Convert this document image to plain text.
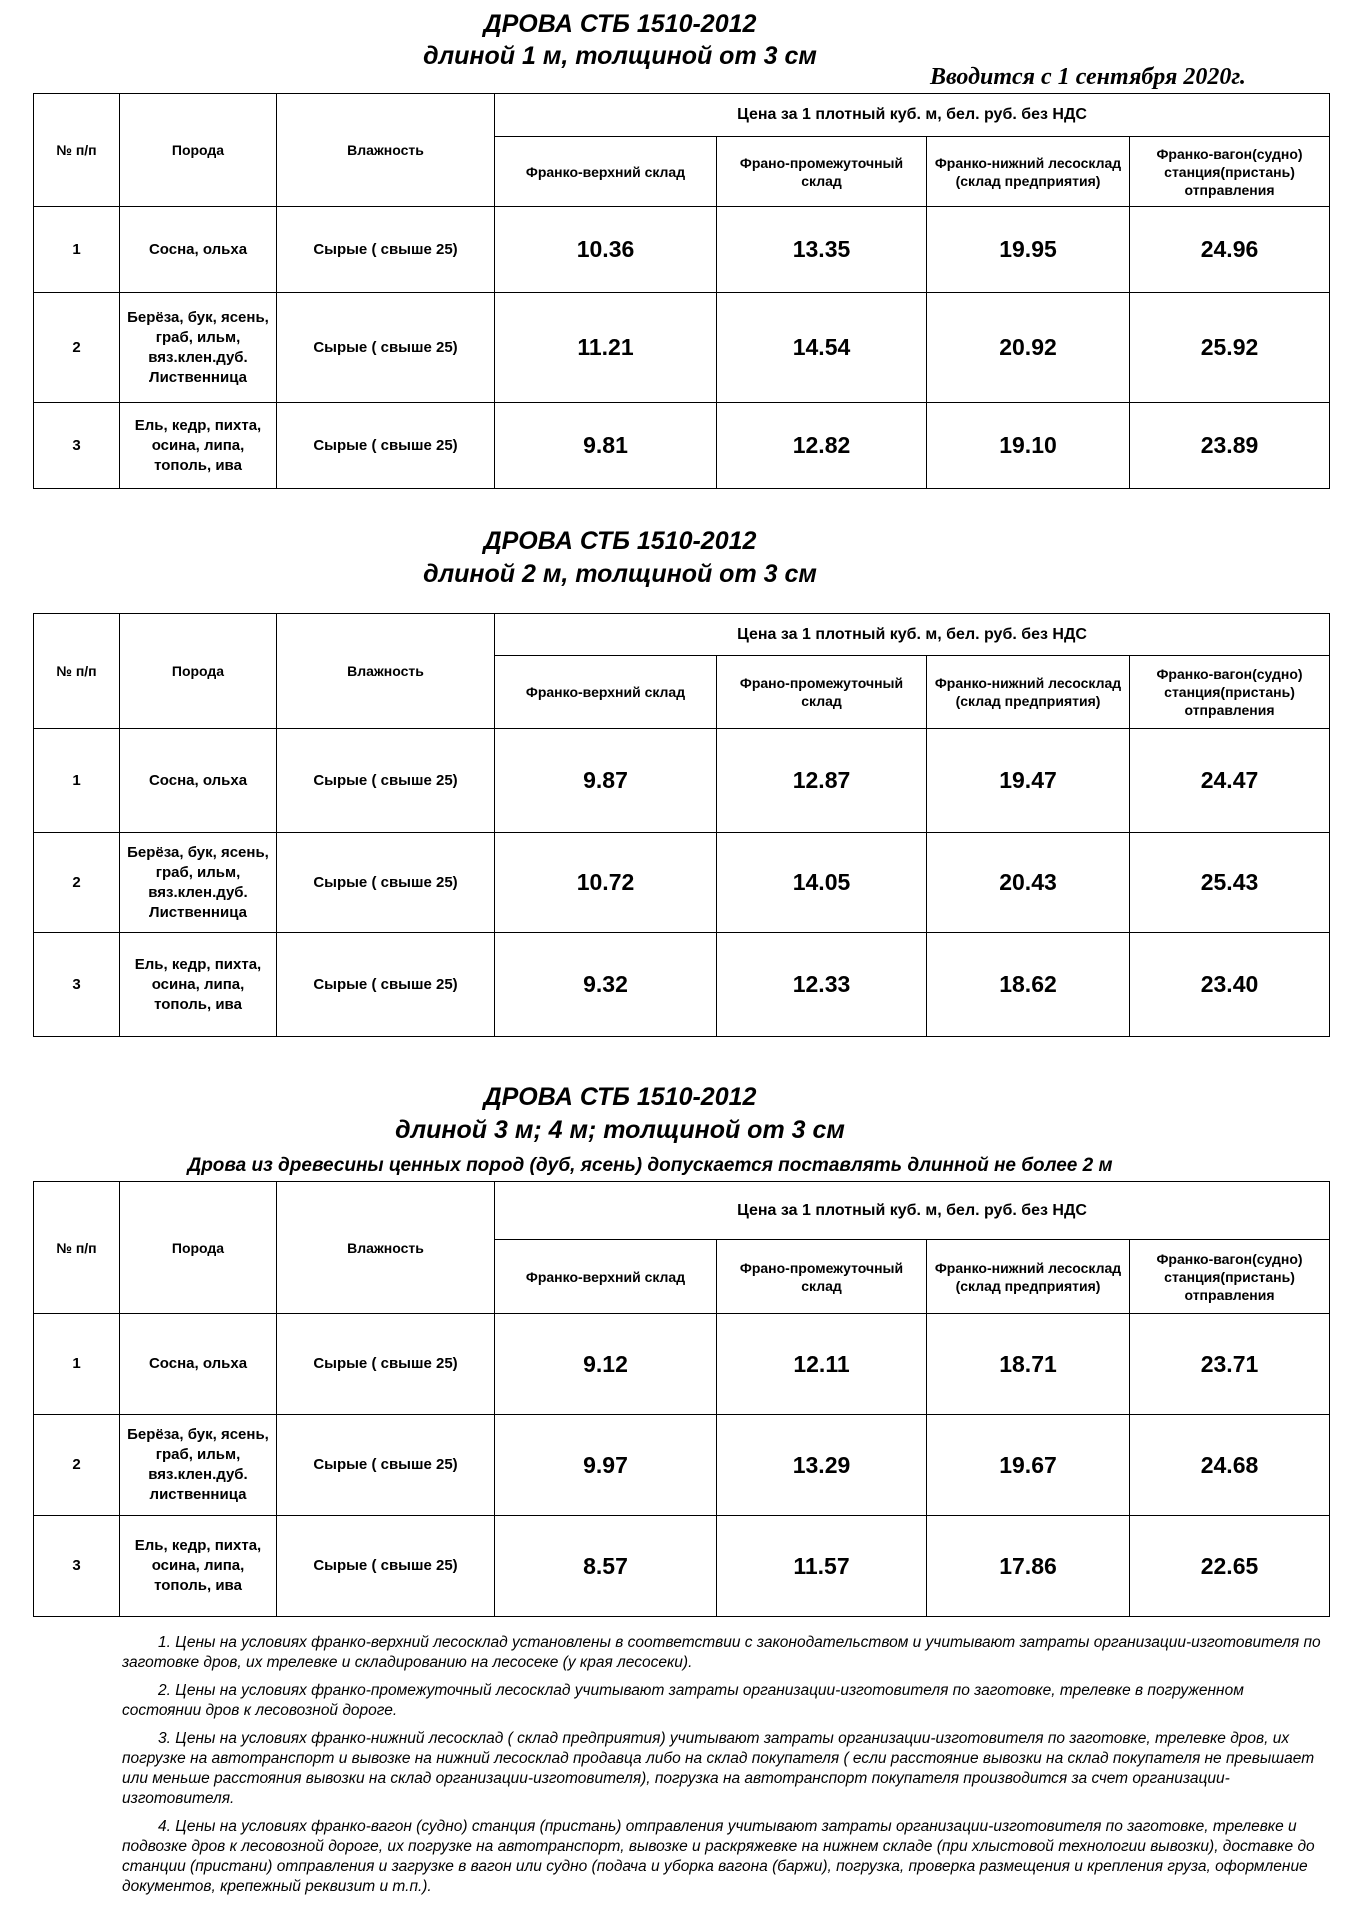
ДРОВА СТБ 1510-2012
длиной 1 м, толщиной от 3 см
Вводится с 1 сентября 2020г.
№ п/п	Порода	Влажность	Цена за 1 плотный куб. м, бел. руб. без НДС			
			Франко-верхний склад	Франо-промежуточный склад	Франко-нижний лесосклад (склад предприятия)	Франко-вагон(судно) станция(пристань) отправления
1	Сосна, ольха	Сырые ( свыше 25)	10.36	13.35	19.95	24.96
2	Берёза, бук, ясень, граб, ильм, вяз.клен.дуб. Лиственница	Сырые ( свыше 25)	11.21	14.54	20.92	25.92
3	Ель, кедр, пихта, осина, липа, тополь, ива	Сырые ( свыше 25)	9.81	12.82	19.10	23.89
ДРОВА СТБ 1510-2012
длиной 2 м, толщиной от 3 см
№ п/п	Порода	Влажность	Цена за 1 плотный куб. м, бел. руб. без НДС			
			Франко-верхний склад	Франо-промежуточный склад	Франко-нижний лесосклад (склад предприятия)	Франко-вагон(судно) станция(пристань) отправления
1	Сосна, ольха	Сырые ( свыше 25)	9.87	12.87	19.47	24.47
2	Берёза, бук, ясень, граб, ильм, вяз.клен.дуб. Лиственница	Сырые ( свыше 25)	10.72	14.05	20.43	25.43
3	Ель, кедр, пихта, осина, липа, тополь, ива	Сырые ( свыше 25)	9.32	12.33	18.62	23.40
ДРОВА СТБ 1510-2012
длиной 3 м; 4 м; толщиной от 3 см
Дрова из древесины ценных пород (дуб, ясень) допускается поставлять длинной не более 2 м
№ п/п	Порода	Влажность	Цена за 1 плотный куб. м, бел. руб. без НДС			
			Франко-верхний склад	Франо-промежуточный склад	Франко-нижний лесосклад (склад предприятия)	Франко-вагон(судно) станция(пристань) отправления
1	Сосна, ольха	Сырые ( свыше 25)	9.12	12.11	18.71	23.71
2	Берёза, бук, ясень, граб, ильм, вяз.клен.дуб. лиственница	Сырые ( свыше 25)	9.97	13.29	19.67	24.68
3	Ель, кедр, пихта, осина, липа, тополь, ива	Сырые ( свыше 25)	8.57	11.57	17.86	22.65

1. Цены на условиях франко-верхний лесосклад установлены в соответствии с законодательством и учитывают затраты организации-изготовителя по заготовке дров, их трелевке и складированию на лесосеке (у края лесосеки).

2. Цены на условиях франко-промежуточный лесосклад учитывают затраты организации-изготовителя по заготовке, трелевке в погруженном состоянии дров к лесовозной дороге.

3. Цены на условиях франко-нижний лесосклад ( склад предприятия) учитывают затраты организации-изготовителя по заготовке, трелевке дров, их погрузке на автотранспорт и вывозке на нижний лесосклад продавца либо на склад покупателя ( если расстояние вывозки на склад покупателя не превышает или меньше расстояния вывозки на склад организации-изготовителя), погрузка на автотранспорт покупателя производится за счет организации-изготовителя.

4. Цены на условиях франко-вагон (судно) станция (пристань) отправления учитывают затраты организации-изготовителя по заготовке, трелевке и подвозке дров к лесовозной дороге, их погрузке на автотранспорт, вывозке и раскряжевке на нижнем складе (при хлыстовой технологии вывозки), доставке до станции (пристани) отправления и загрузке в вагон или судно (подача и уборка вагона (баржи), погрузка, проверка размещения и крепления груза, оформление документов, крепежный реквизит и т.п.).
